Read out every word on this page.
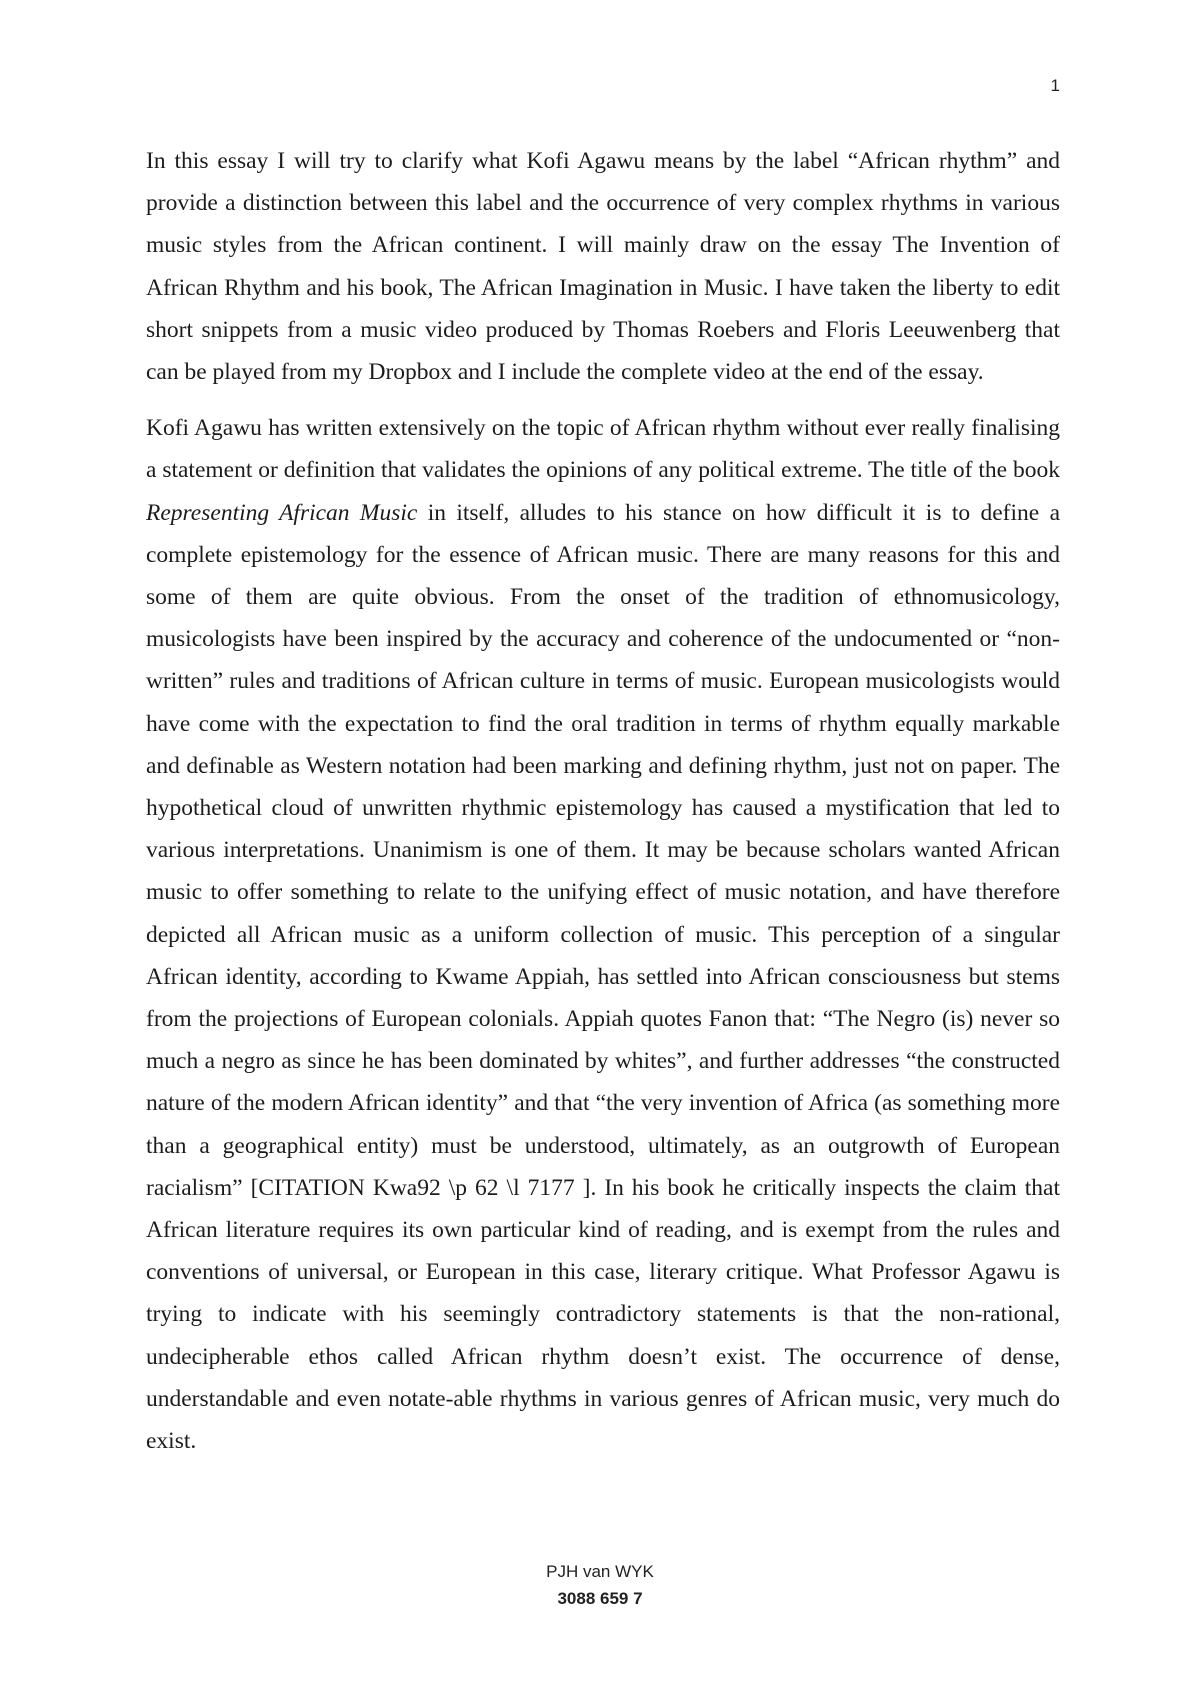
1

In this essay I will try to clarify what Kofi Agawu means by the label “African rhythm” and provide a distinction between this label and the occurrence of very complex rhythms in various music styles from the African continent. I will mainly draw on the essay The Invention of African Rhythm and his book, The African Imagination in Music. I have taken the liberty to edit short snippets from a music video produced by Thomas Roebers and Floris Leeuwenberg that can be played from my Dropbox and I include the complete video at the end of the essay.

Kofi Agawu has written extensively on the topic of African rhythm without ever really finalising a statement or definition that validates the opinions of any political extreme. The title of the book Representing African Music in itself, alludes to his stance on how difficult it is to define a complete epistemology for the essence of African music. There are many reasons for this and some of them are quite obvious. From the onset of the tradition of ethnomusicology, musicologists have been inspired by the accuracy and coherence of the undocumented or “non-written” rules and traditions of African culture in terms of music. European musicologists would have come with the expectation to find the oral tradition in terms of rhythm equally markable and definable as Western notation had been marking and defining rhythm, just not on paper. The hypothetical cloud of unwritten rhythmic epistemology has caused a mystification that led to various interpretations. Unanimism is one of them. It may be because scholars wanted African music to offer something to relate to the unifying effect of music notation, and have therefore depicted all African music as a uniform collection of music. This perception of a singular African identity, according to Kwame Appiah, has settled into African consciousness but stems from the projections of European colonials. Appiah quotes Fanon that: “The Negro (is) never so much a negro as since he has been dominated by whites”, and further addresses “the constructed nature of the modern African identity” and that “the very invention of Africa (as something more than a geographical entity) must be understood, ultimately, as an outgrowth of European racialism” [CITATION Kwa92 \p 62 \l 7177 ]. In his book he critically inspects the claim that African literature requires its own particular kind of reading, and is exempt from the rules and conventions of universal, or European in this case, literary critique. What Professor Agawu is trying to indicate with his seemingly contradictory statements is that the non-rational, undecipherable ethos called African rhythm doesn’t exist. The occurrence of dense, understandable and even notate-able rhythms in various genres of African music, very much do exist.

PJH van WYK
3088 659 7
